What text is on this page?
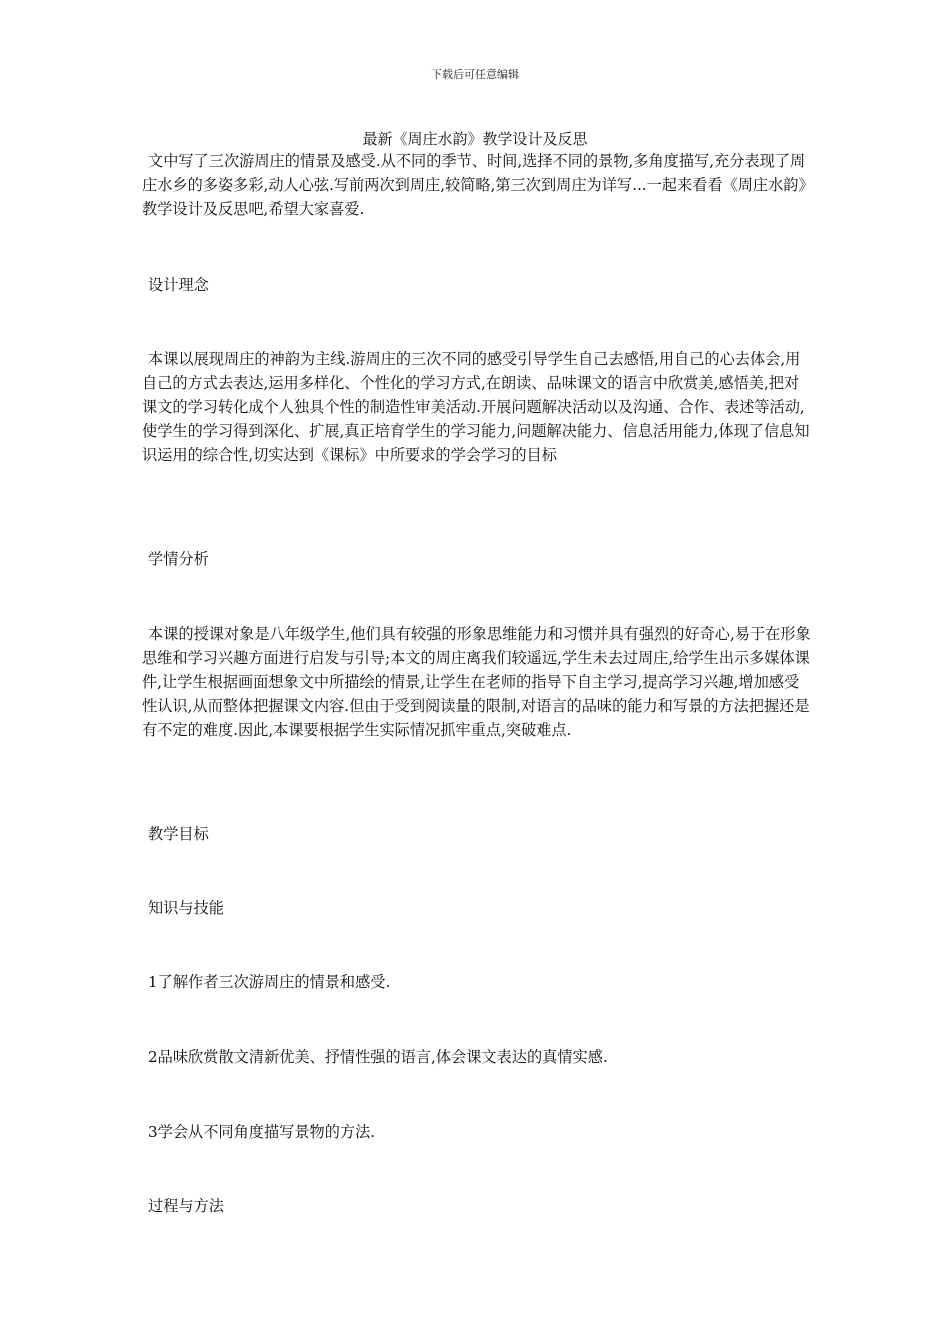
下载后可任意编辑
最新《周庄水韵》教学设计及反思

文中写了三次游周庄的情景及感受.从不同的季节、时间,选择不同的景物,多角度描写,充分表现了周庄水乡的多姿多彩,动人心弦.写前两次到周庄,较简略,第三次到周庄为详写...一起来看看《周庄水韵》教学设计及反思吧,希望大家喜爱.

设计理念

本课以展现周庄的神韵为主线.游周庄的三次不同的感受引导学生自己去感悟,用自己的心去体会,用自己的方式去表达,运用多样化、个性化的学习方式,在朗读、品味课文的语言中欣赏美,感悟美,把对课文的学习转化成个人独具个性的制造性审美活动.开展问题解决活动以及沟通、合作、表述等活动,使学生的学习得到深化、扩展,真正培育学生的学习能力,问题解决能力、信息活用能力,体现了信息知识运用的综合性,切实达到《课标》中所要求的学会学习的目标

学情分析

本课的授课对象是八年级学生,他们具有较强的形象思维能力和习惯并具有强烈的好奇心,易于在形象思维和学习兴趣方面进行启发与引导;本文的周庄离我们较遥远,学生未去过周庄,给学生出示多媒体课件,让学生根据画面想象文中所描绘的情景,让学生在老师的指导下自主学习,提高学习兴趣,增加感受性认识,从而整体把握课文内容.但由于受到阅读量的限制,对语言的品味的能力和写景的方法把握还是有不定的难度.因此,本课要根据学生实际情况抓牢重点,突破难点.

教学目标

知识与技能

1了解作者三次游周庄的情景和感受.

2品味欣赏散文清新优美、抒情性强的语言,体会课文表达的真情实感.

3学会从不同角度描写景物的方法.

过程与方法
